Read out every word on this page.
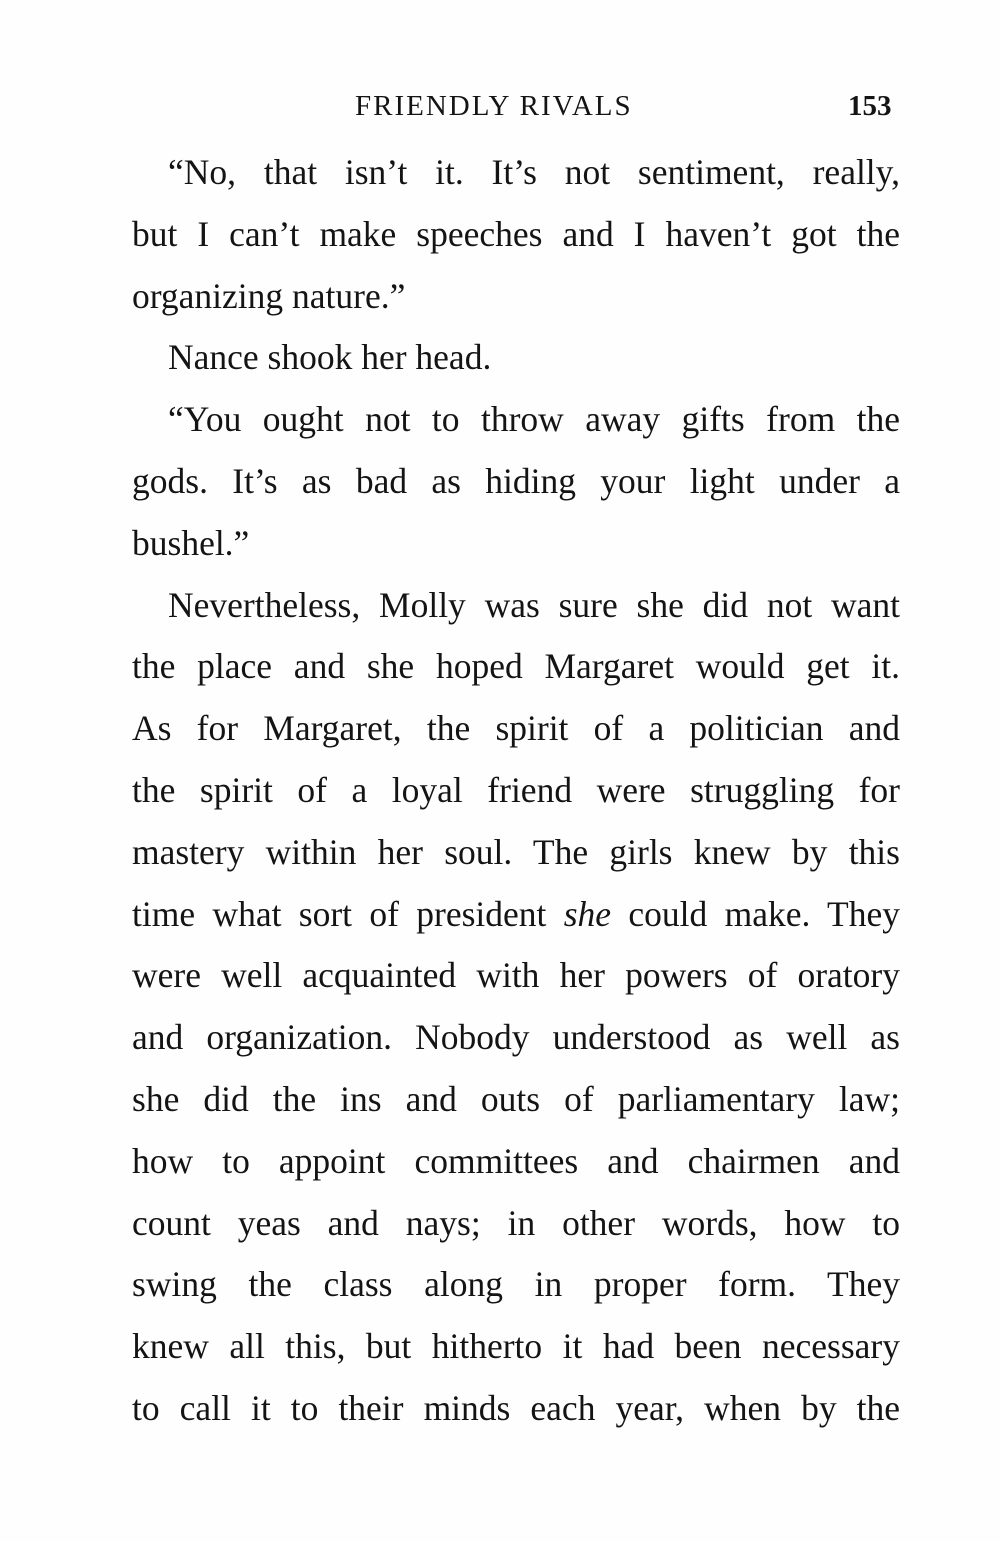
FRIENDLY RIVALS	153
“No, that isn’t it. It’s not sentiment, really,
but I can’t make speeches and I haven’t got the
organizing nature.”
Nance shook her head.
“You ought not to throw away gifts from the
gods. It’s as bad as hiding your light under a
bushel.”
Nevertheless, Molly was sure she did not want
the place and she hoped Margaret would get it.
As for Margaret, the spirit of a politician and
the spirit of a loyal friend were struggling for
mastery within her soul. The girls knew by this
time what sort of president she could make. They
were well acquainted with her powers of oratory
and organization. Nobody understood as well as
she did the ins and outs of parliamentary law;
how to appoint committees and chairmen and
count yeas and nays; in other words, how to
swing the class along in proper form. They
knew all this, but hitherto it had been necessary
to call it to their minds each year, when by the
